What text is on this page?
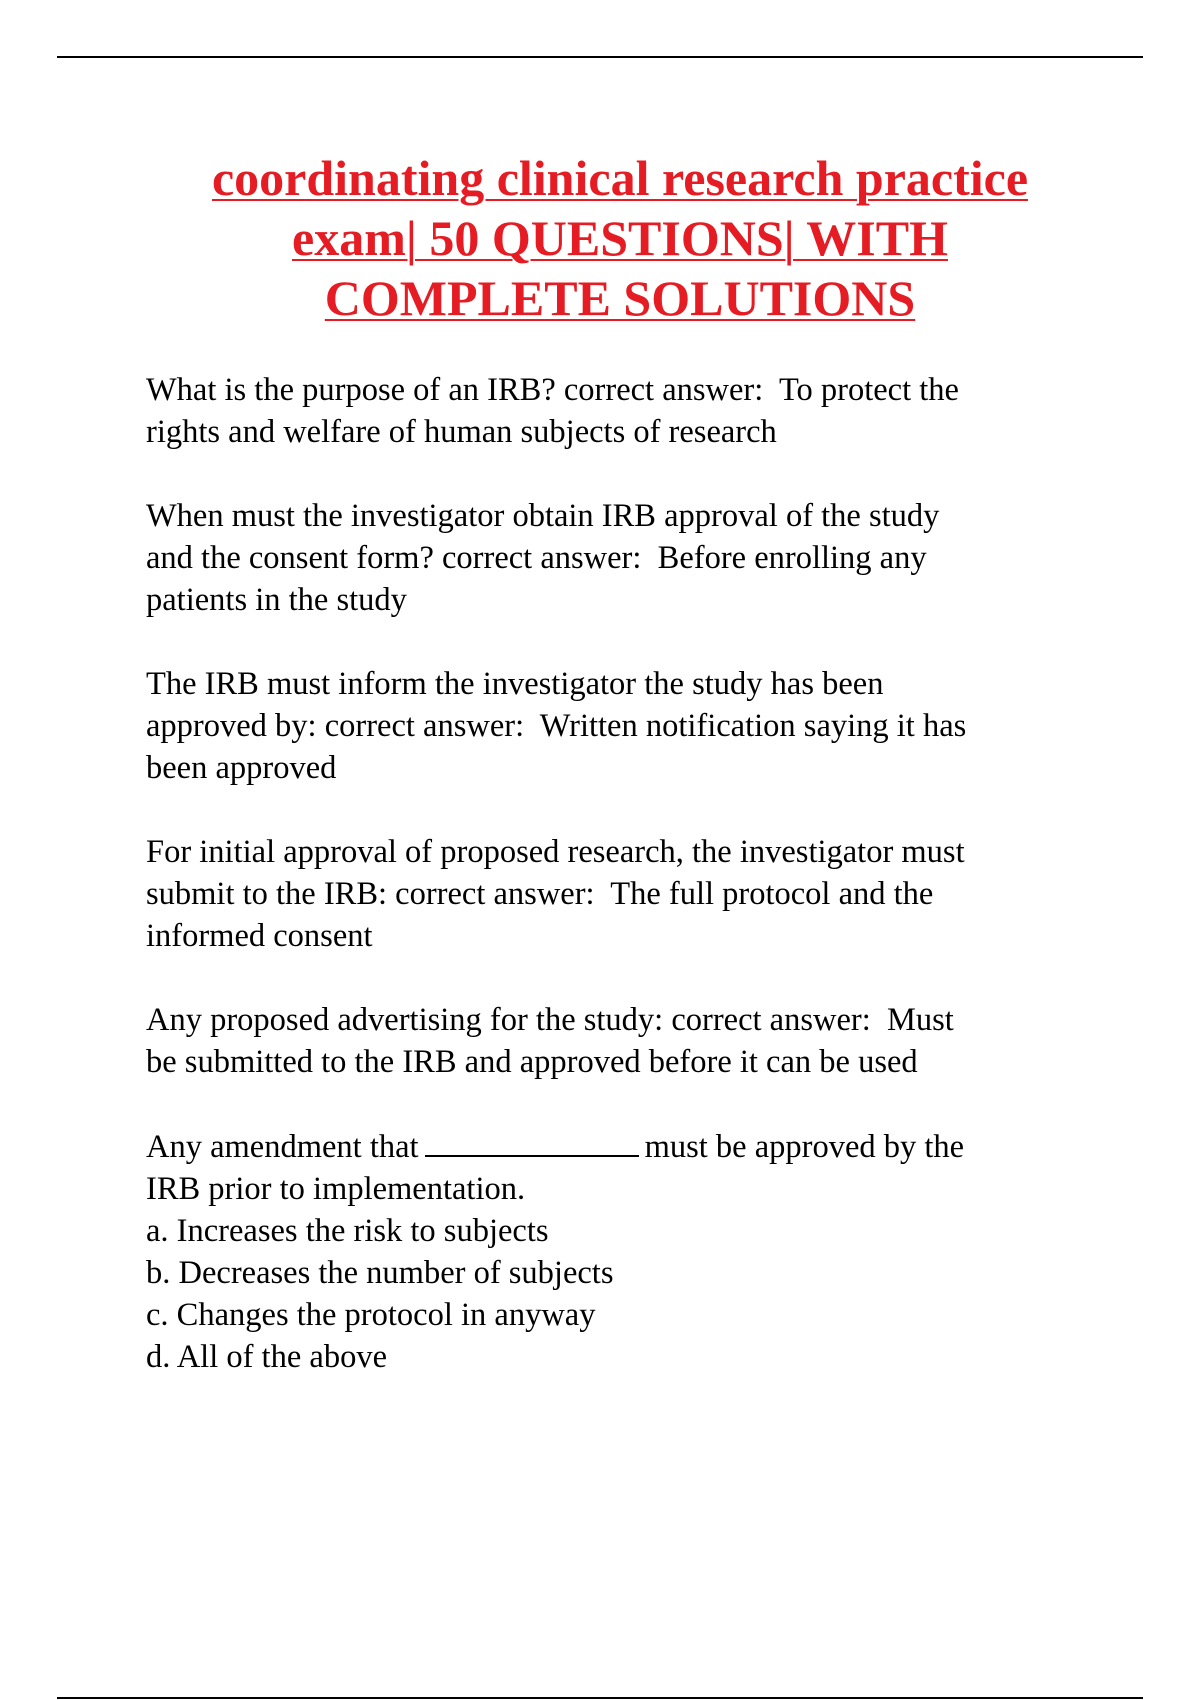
coordinating clinical research practice
exam| 50 QUESTIONS| WITH
COMPLETE SOLUTIONS

What is the purpose of an IRB? correct answer:  To protect the
rights and welfare of human subjects of research

When must the investigator obtain IRB approval of the study
and the consent form? correct answer:  Before enrolling any
patients in the study

The IRB must inform the investigator the study has been
approved by: correct answer:  Written notification saying it has
been approved

For initial approval of proposed research, the investigator must
submit to the IRB: correct answer:  The full protocol and the
informed consent

Any proposed advertising for the study: correct answer:  Must
be submitted to the IRB and approved before it can be used

Any amendment that	must be approved by the
IRB prior to implementation.
a. Increases the risk to subjects
b. Decreases the number of subjects
c. Changes the protocol in anyway
d. All of the above
